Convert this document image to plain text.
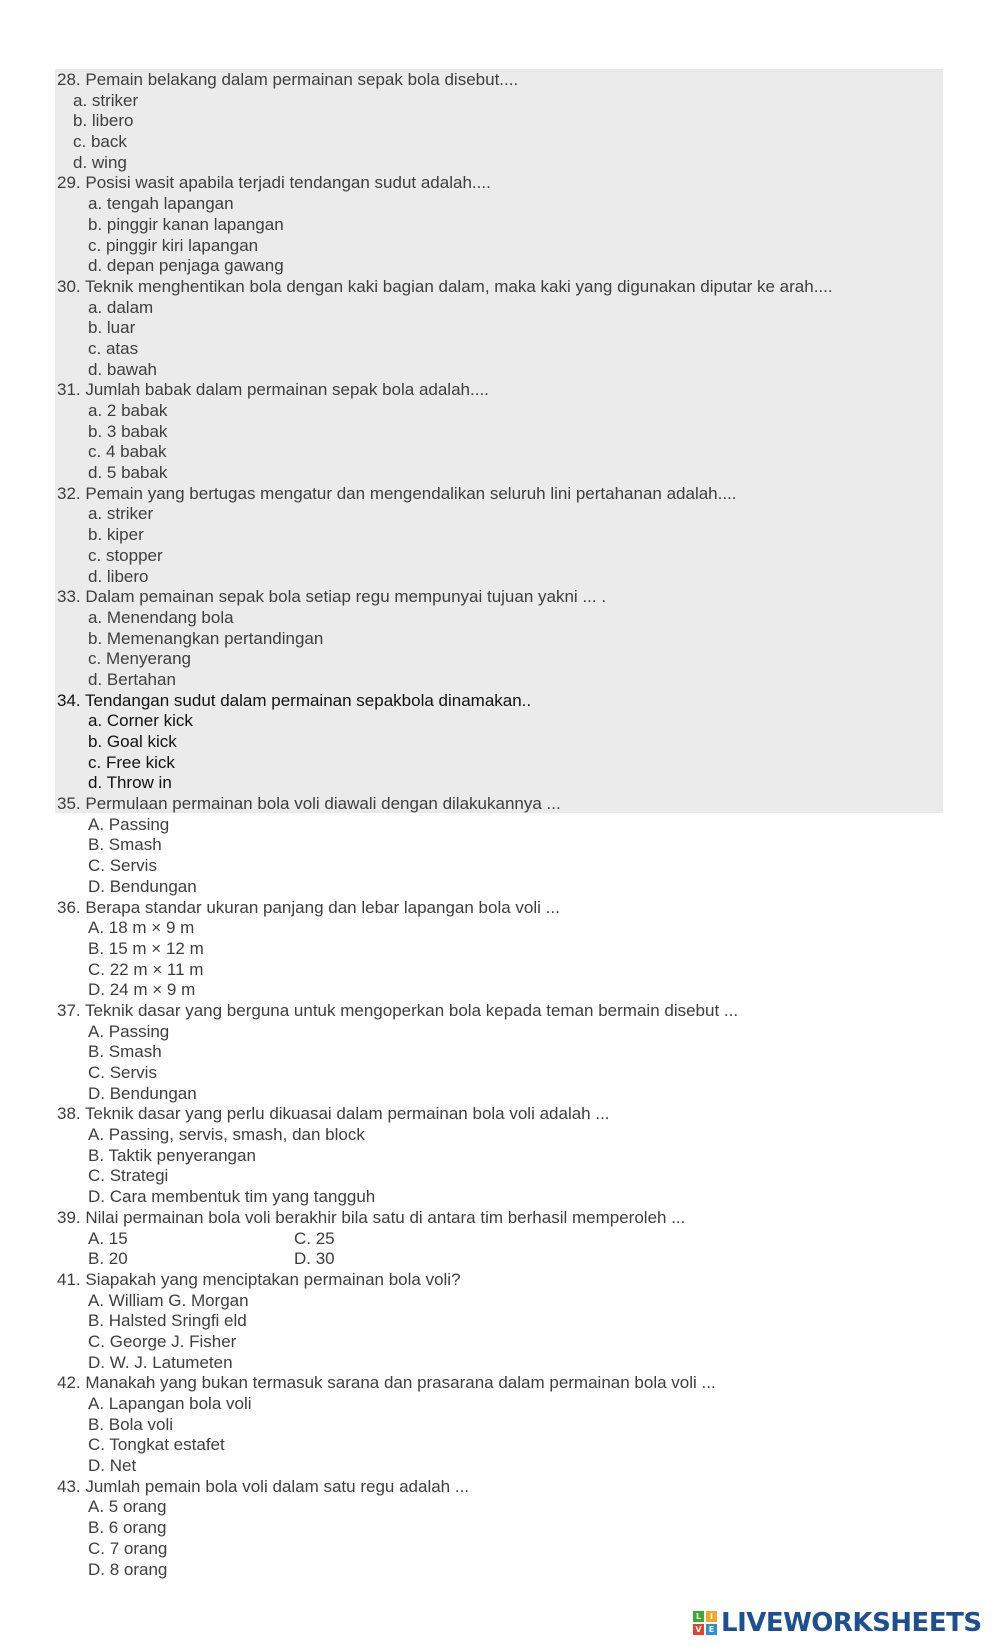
28. Pemain belakang dalam permainan sepak bola disebut....
a. striker
b. libero
c. back
d. wing
29. Posisi wasit apabila terjadi tendangan sudut adalah....
a. tengah lapangan
b. pinggir kanan lapangan
c. pinggir kiri lapangan
d. depan penjaga gawang
30. Teknik menghentikan bola dengan kaki bagian dalam, maka kaki yang digunakan diputar ke arah....
a. dalam
b. luar
c. atas
d. bawah
31. Jumlah babak dalam permainan sepak bola adalah....
a. 2 babak
b. 3 babak
c. 4 babak
d. 5 babak
32. Pemain yang bertugas mengatur dan mengendalikan seluruh lini pertahanan adalah....
a. striker
b. kiper
c. stopper
d. libero
33. Dalam pemainan sepak bola setiap regu mempunyai tujuan yakni ... .
a. Menendang bola
b. Memenangkan pertandingan
c. Menyerang
d. Bertahan
34. Tendangan sudut dalam permainan sepakbola dinamakan..
a. Corner kick
b. Goal kick
c. Free kick
d. Throw in
35. Permulaan permainan bola voli diawali dengan dilakukannya ...
A. Passing
B. Smash
C. Servis
D. Bendungan
36. Berapa standar ukuran panjang dan lebar lapangan bola voli ...
A. 18 m × 9 m
B. 15 m × 12 m
C. 22 m × 11 m
D. 24 m × 9 m
37. Teknik dasar yang berguna untuk mengoperkan bola kepada teman bermain disebut ...
A. Passing
B. Smash
C. Servis
D. Bendungan
38. Teknik dasar yang perlu dikuasai dalam permainan bola voli adalah ...
A. Passing, servis, smash, dan block
B. Taktik penyerangan
C. Strategi
D. Cara membentuk tim yang tangguh
39. Nilai permainan bola voli berakhir bila satu di antara tim berhasil memperoleh ...
A. 15	C. 25
B. 20	D. 30
41. Siapakah yang menciptakan permainan bola voli?
A. William G. Morgan
B. Halsted Sringfi eld
C. George J. Fisher
D. W. J. Latumeten
42. Manakah yang bukan termasuk sarana dan prasarana dalam permainan bola voli ...
A. Lapangan bola voli
B. Bola voli
C. Tongkat estafet
D. Net
43. Jumlah pemain bola voli dalam satu regu adalah ...
A. 5 orang
B. 6 orang
C. 7 orang
D. 8 orang
L	I
V E LIVEWORKSHEETS
